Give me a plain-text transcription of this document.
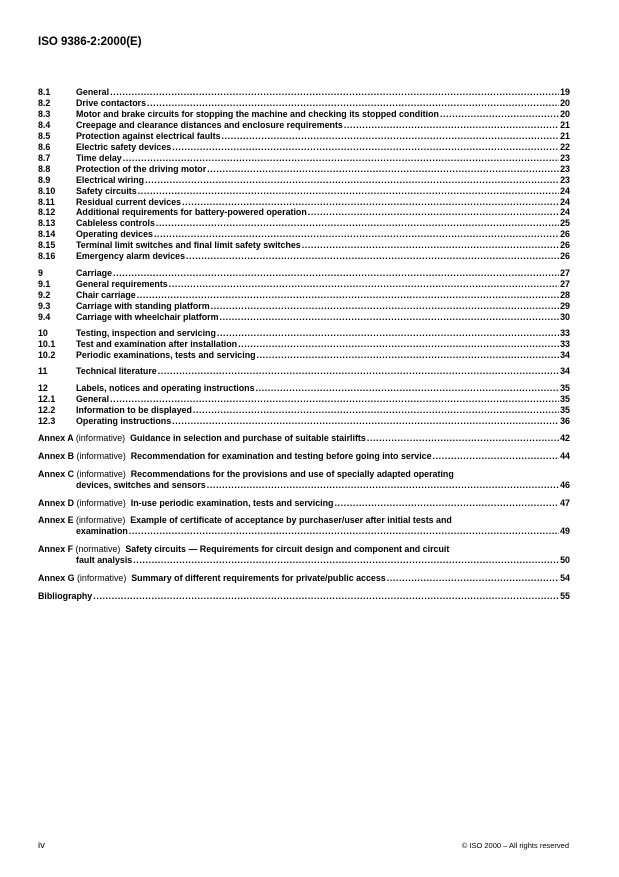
ISO 9386-2:2000(E)
8.1	General .....	19
8.2	Drive contactors .....	20
8.3	Motor and brake circuits for stopping the machine and checking its stopped condition .....	20
8.4	Creepage and clearance distances and enclosure requirements .....	21
8.5	Protection against electrical faults .....	21
8.6	Electric safety devices .....	22
8.7	Time delay .....	23
8.8	Protection of the driving motor .....	23
8.9	Electrical wiring .....	23
8.10	Safety circuits .....	24
8.11	Residual current devices .....	24
8.12	Additional requirements for battery-powered operation .....	24
8.13	Cableless controls .....	25
8.14	Operating devices .....	26
8.15	Terminal limit switches and final limit safety switches .....	26
8.16	Emergency alarm devices .....	26
9	Carriage .....	27
9.1	General requirements .....	27
9.2	Chair carriage .....	28
9.3	Carriage with standing platform .....	29
9.4	Carriage with wheelchair platform .....	30
10	Testing, inspection and servicing .....	33
10.1	Test and examination after installation .....	33
10.2	Periodic examinations, tests and servicing .....	34
11	Technical literature .....	34
12	Labels, notices and operating instructions .....	35
12.1	General .....	35
12.2	Information to be displayed .....	35
12.3	Operating instructions .....	36
Annex A (informative) Guidance in selection and purchase of suitable stairlifts .....	42
Annex B (informative) Recommendation for examination and testing before going into service .....	44
Annex C (informative) Recommendations for the provisions and use of specially adapted operating
devices, switches and sensors .....	46
Annex D (informative) In-use periodic examination, tests and servicing .....	47
Annex E (informative) Example of certificate of acceptance by purchaser/user after initial tests and
examination .....	49
Annex F (normative) Safety circuits — Requirements for circuit design and component and circuit
fault analysis .....	50
Annex G (informative) Summary of different requirements for private/public access .....	54
Bibliography .....	55
iv	© ISO 2000 – All rights reserved
